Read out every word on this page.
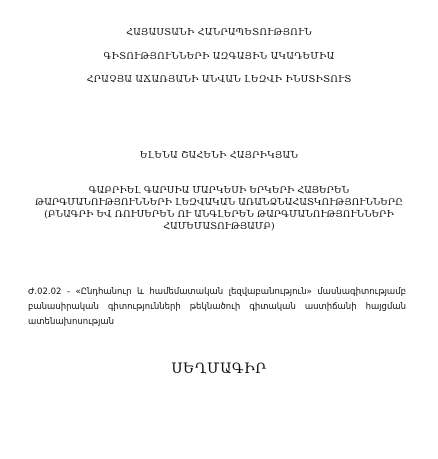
ՀԱՅԱՍՏԱՆԻ ՀԱՆՐԱՊԵՏՈՒԹՅՈՒՆ
ԳԻՏՈՒԹՅՈՒՆՆԵՐԻ ԱԶԳԱՅԻՆ ԱԿԱԴԵՄԻԱ
ՀՐԱՉՅԱ ԱՃԱՌՅԱՆԻ ԱՆՎԱՆ ԼԵԶՎԻ ԻՆՍՏԻՏՈՒՏ
ԵԼԵՆԱ ՇԱՀԵՆԻ ՀԱՅՐԻԿՅԱՆ
ԳԱԲՐԻԵԼ ԳԱՐՍԻԱ ՄԱՐԿԵՍԻ ԵՐԿԵՐԻ ՀԱՅԵՐԵՆ
ԹԱՐԳՄԱՆՈՒԹՅՈՒՆՆԵՐԻ ԼԵԶՎԱԿԱՆ ԱՌԱՆՁՆԱՀԱՏԿՈՒԹՅՈՒՆՆԵՐԸ
(ԲՆԱԳՐԻ ԵՎ ՌՈՒՍԵՐԵՆ ՈՒ ԱՆԳԼԵՐԵՆ ԹԱՐԳՄԱՆՈՒԹՅՈՒՆՆԵՐԻ
ՀԱՄԵՄԱՏՈՒԹՅԱՄԲ)
Ժ.02.02 - «Ընդհանուր և համեմատական լեզվաբանություն» մասնագիտությամբ
բանասիրական գիտությունների թեկնածուի գիտական աստիճանի հայցման
ատենախոսության
ՍԵՂՄԱԳԻՐ
